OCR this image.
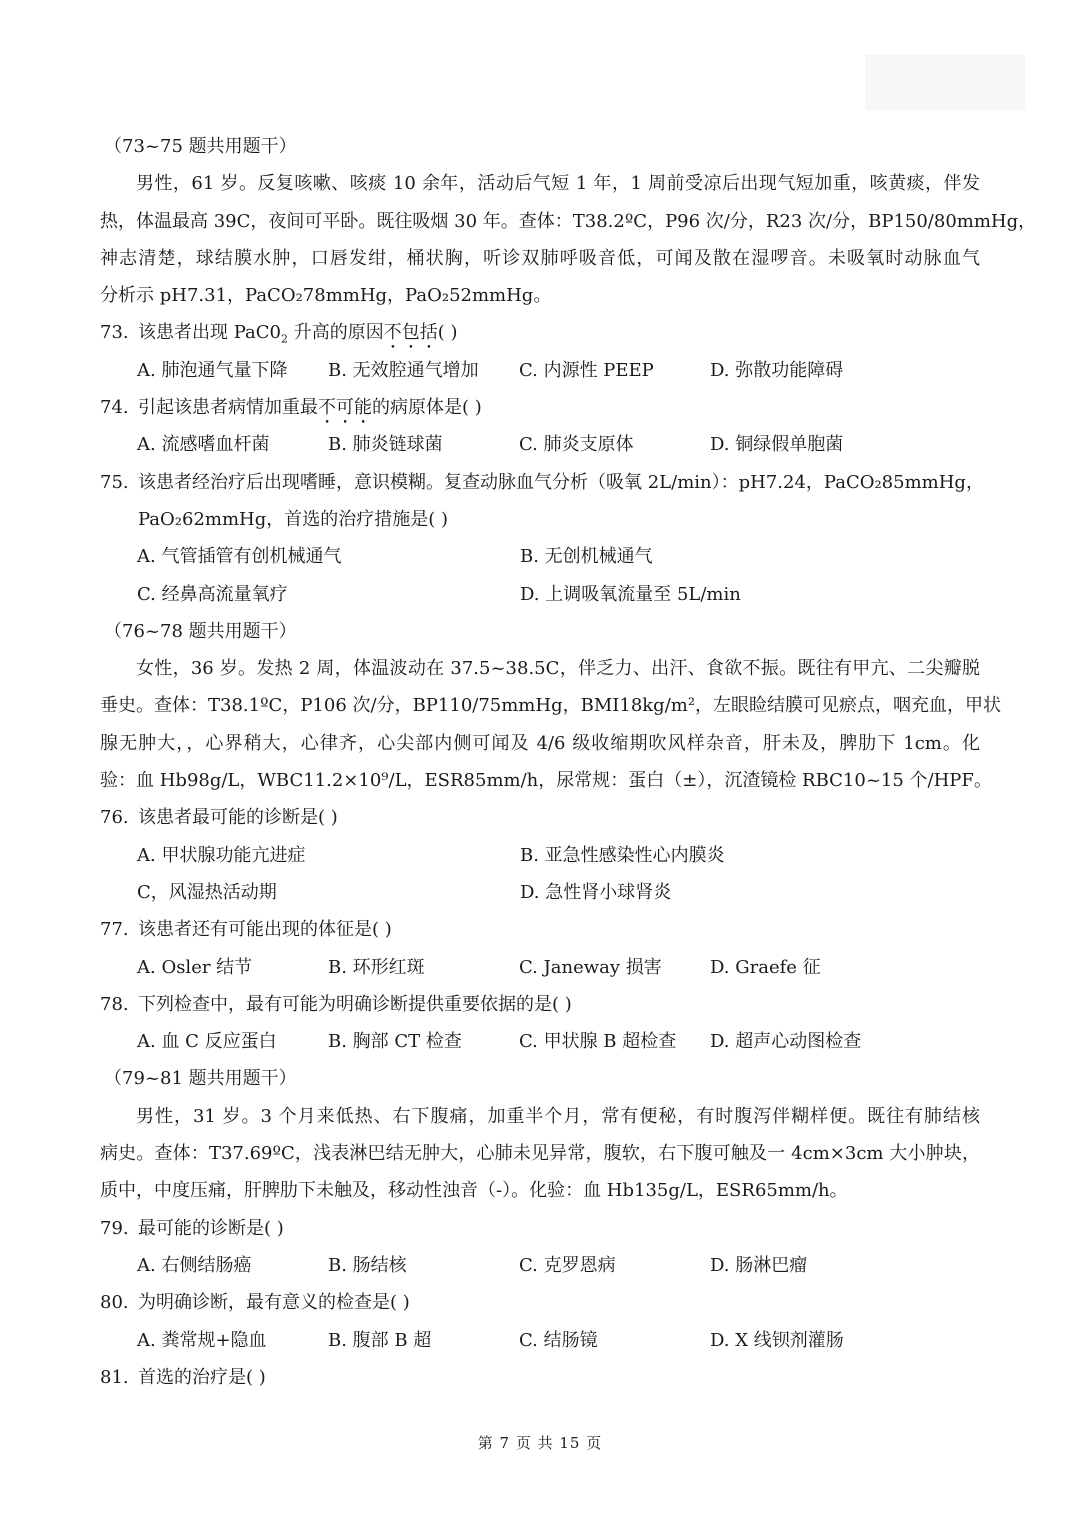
（73~75 题共用题干）
男性，61 岁。反复咳嗽、咳痰 10 余年，活动后气短 1 年，1 周前受凉后出现气短加重，咳黄痰，伴发
热，体温最高 39C，夜间可平卧。既往吸烟 30 年。查体：T38.2ºC，P96 次/分，R23 次/分，BP150/80mmHg，
神志清楚，球结膜水肿，口唇发绀，桶状胸，听诊双肺呼吸音低，可闻及散在湿啰音。未吸氧时动脉血气
分析示 pH7.31，PaCO₂78mmHg，PaO₂52mmHg。
73. 该患者出现 $PaC0_2$ 升高的原因不包括( )
A. 肺泡通气量下降	B. 无效腔通气增加	C. 内源性 PEEP	D. 弥散功能障碍
74. 引起该患者病情加重最不可能的病原体是( )
A. 流感嗜血杆菌	B. 肺炎链球菌	C. 肺炎支原体	D. 铜绿假单胞菌
75. 该患者经治疗后出现嗜睡，意识模糊。复查动脉血气分析（吸氧 2L/min）：pH7.24，PaCO₂85mmHg，
PaO₂62mmHg，首选的治疗措施是( )
A. 气管插管有创机械通气	B. 无创机械通气
C. 经鼻高流量氧疗	D. 上调吸氧流量至 5L/min
（76~78 题共用题干）
女性，36 岁。发热 2 周，体温波动在 37.5~38.5C，伴乏力、出汗、食欲不振。既往有甲亢、二尖瓣脱
垂史。查体：T38.1ºC，P106 次/分，BP110/75mmHg，BMI18kg/m²，左眼睑结膜可见瘀点，咽充血，甲状
腺无肿大，，心界稍大，心律齐，心尖部内侧可闻及 4/6 级收缩期吹风样杂音，肝未及，脾肋下 1cm。化
验：血 Hb98g/L，WBC11.2×10⁹/L，ESR85mm/h，尿常规：蛋白（±），沉渣镜检 RBC10~15 个/HPF。
76. 该患者最可能的诊断是( )
A. 甲状腺功能亢进症	B. 亚急性感染性心内膜炎
C，风湿热活动期	D. 急性肾小球肾炎
77. 该患者还有可能出现的体征是( )
A. Osler 结节	B. 环形红斑	C. Janeway 损害	D. Graefe 征
78. 下列检查中，最有可能为明确诊断提供重要依据的是( )
A. 血 C 反应蛋白	B. 胸部 CT 检查	C. 甲状腺 B 超检查	D. 超声心动图检查
（79~81 题共用题干）
男性，31 岁。3 个月来低热、右下腹痛，加重半个月，常有便秘，有时腹泻伴糊样便。既往有肺结核
病史。查体：T37.69ºC，浅表淋巴结无肿大，心肺未见异常，腹软，右下腹可触及一 4cm×3cm 大小肿块，
质中，中度压痛，肝脾肋下未触及，移动性浊音（-）。化验：血 Hb135g/L，ESR65mm/h。
79. 最可能的诊断是( )
A. 右侧结肠癌	B. 肠结核	C. 克罗恩病	D. 肠淋巴瘤
80. 为明确诊断，最有意义的检查是( )
A. 粪常规+隐血	B. 腹部 B 超	C. 结肠镜	D. X 线钡剂灌肠
81. 首选的治疗是( )
第 7 页 共 15 页
